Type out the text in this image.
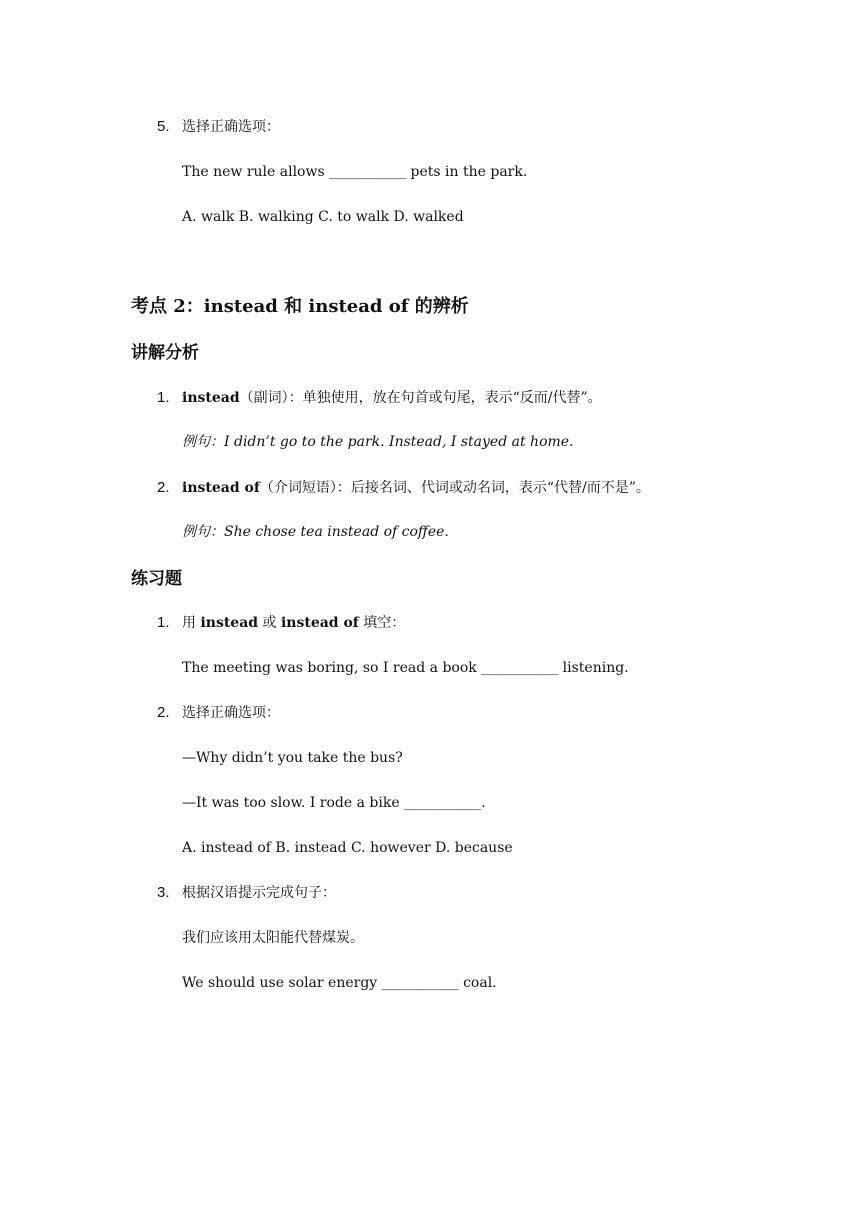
5. 选择正确选项：
The new rule allows ___________ pets in the park.
A. walk B. walking C. to walk D. walked
考点 2：instead 和 instead of 的辨析
讲解分析
1. instead（副词）：单独使用，放在句首或句尾，表示“反而/代替”。
例句：I didn’t go to the park. Instead, I stayed at home.
2. instead of（介词短语）：后接名词、代词或动名词，表示“代替/而不是”。
例句：She chose tea instead of coffee.
练习题
1. 用 instead 或 instead of 填空：
The meeting was boring, so I read a book ___________ listening.
2. 选择正确选项：
—Why didn’t you take the bus?
—It was too slow. I rode a bike ___________.
A. instead of B. instead C. however D. because
3. 根据汉语提示完成句子：
我们应该用太阳能代替煤炭。
We should use solar energy ___________ coal.
